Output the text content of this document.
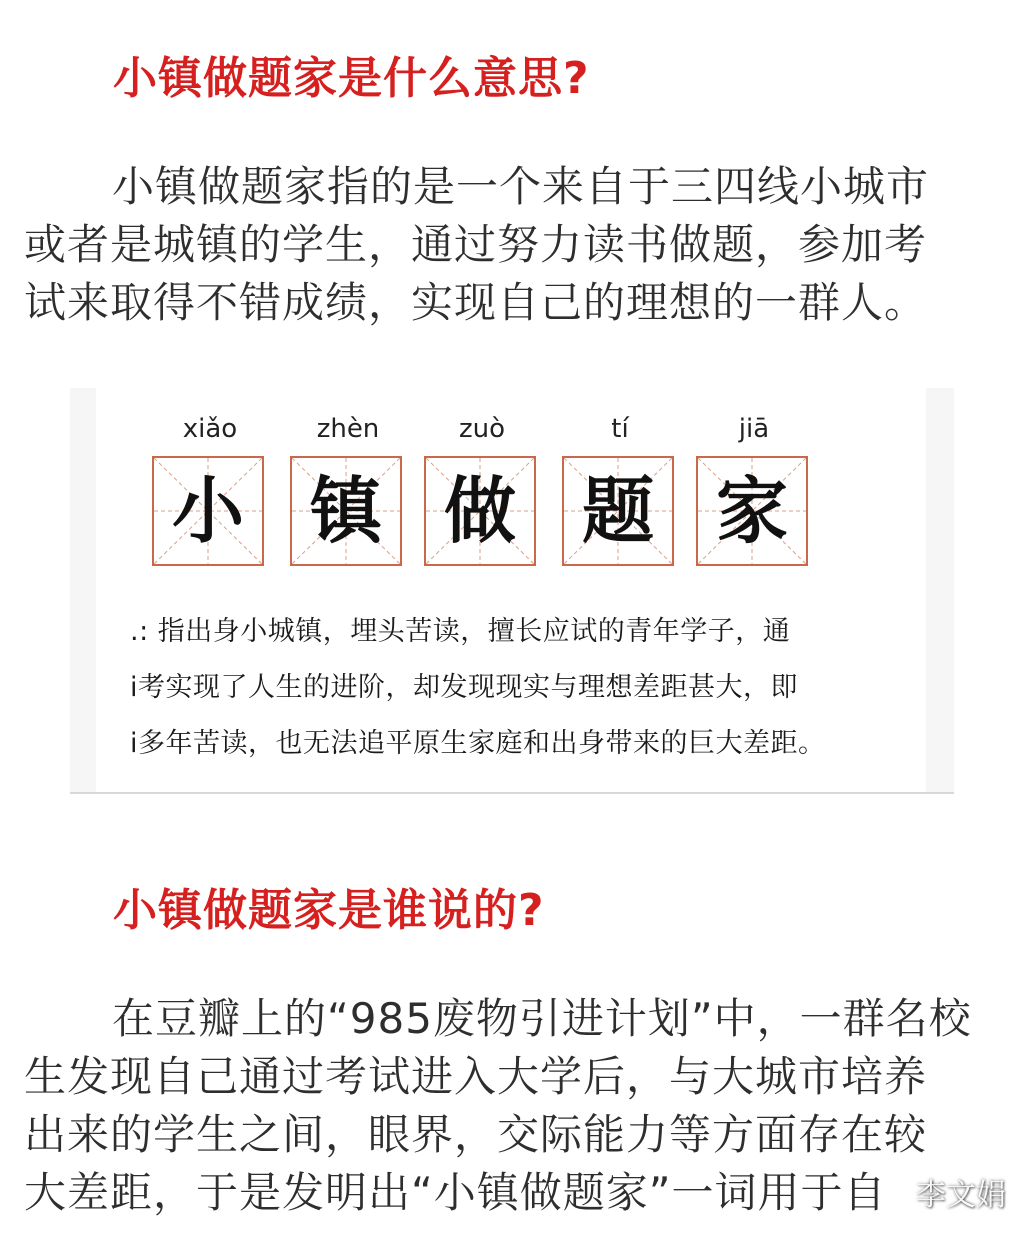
小镇做题家是什么意思?

小镇做题家指的是一个来自于三四线小城市
或者是城镇的学生，通过努力读书做题，参加考
试来取得不错成绩，实现自己的理想的一群人。

xiǎo
小
zhèn
镇
zuò
做
tí
题
jiā
家
.: 指出身小城镇，埋头苦读，擅长应试的青年学子，通
i考实现了人生的进阶，却发现现实与理想差距甚大，即
i多年苦读，也无法追平原生家庭和出身带来的巨大差距。
小镇做题家是谁说的?

在豆瓣上的“985废物引进计划”中，一群名校
生发现自己通过考试进入大学后，与大城市培养
出来的学生之间，眼界，交际能力等方面存在较
大差距，于是发明出“小镇做题家”一词用于自 李文娟
